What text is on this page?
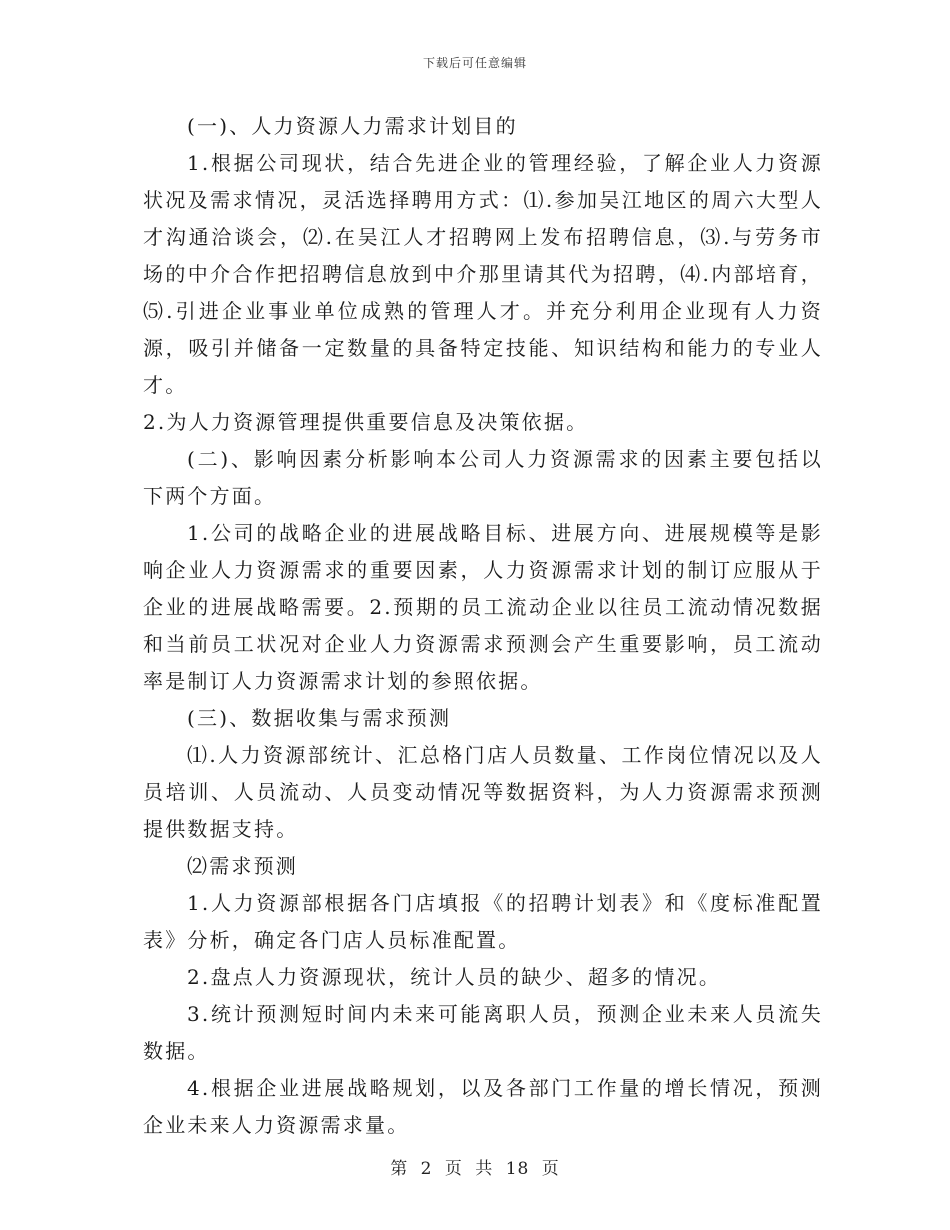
下载后可任意编辑

(一)、人力资源人力需求计划目的

1.根据公司现状，结合先进企业的管理经验，了解企业人力资源状况及需求情况，灵活选择聘用方式：⑴.参加吴江地区的周六大型人才沟通洽谈会，⑵.在吴江人才招聘网上发布招聘信息，⑶.与劳务市场的中介合作把招聘信息放到中介那里请其代为招聘，⑷.内部培育，⑸.引进企业事业单位成熟的管理人才。并充分利用企业现有人力资源，吸引并储备一定数量的具备特定技能、知识结构和能力的专业人才。

2.为人力资源管理提供重要信息及决策依据。

(二)、影响因素分析影响本公司人力资源需求的因素主要包括以下两个方面。

1.公司的战略企业的进展战略目标、进展方向、进展规模等是影响企业人力资源需求的重要因素，人力资源需求计划的制订应服从于企业的进展战略需要。2.预期的员工流动企业以往员工流动情况数据和当前员工状况对企业人力资源需求预测会产生重要影响，员工流动率是制订人力资源需求计划的参照依据。

(三)、数据收集与需求预测

⑴.人力资源部统计、汇总格门店人员数量、工作岗位情况以及人员培训、人员流动、人员变动情况等数据资料，为人力资源需求预测提供数据支持。

⑵需求预测

1.人力资源部根据各门店填报《的招聘计划表》和《度标准配置表》分析，确定各门店人员标准配置。

2.盘点人力资源现状，统计人员的缺少、超多的情况。

3.统计预测短时间内未来可能离职人员，预测企业未来人员流失数据。

4.根据企业进展战略规划，以及各部门工作量的增长情况，预测企业未来人力资源需求量。

第 2 页 共 18 页
